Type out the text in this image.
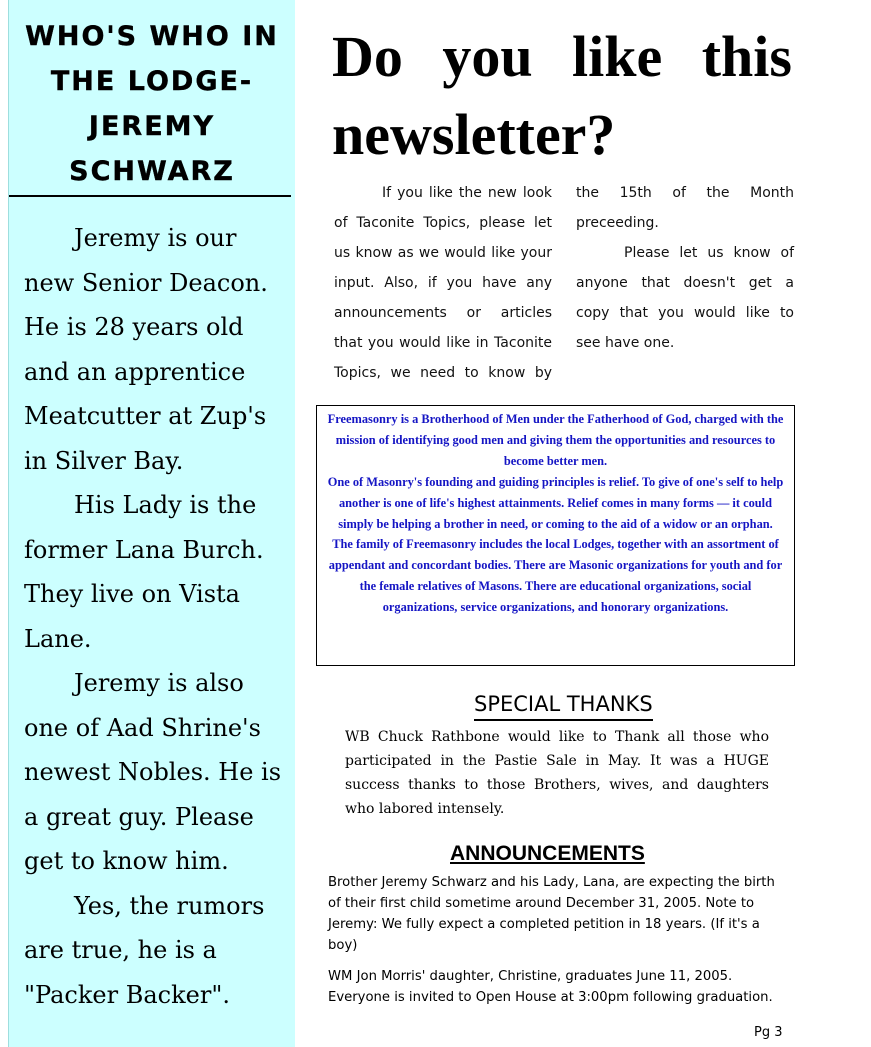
WHO'S WHO IN THE LODGE- JEREMY SCHWARZ

Jeremy is our new Senior Deacon. He is 28 years old and an apprentice Meatcutter at Zup's in Silver Bay.

His Lady is the former Lana Burch. They live on Vista Lane.

Jeremy is also one of Aad Shrine's newest Nobles. He is a great guy. Please get to know him.

Yes, the rumors are true, he is a "Packer Backer".

Do you like this newsletter?

If you like the new look of Taconite Topics, please let us know as we would like your input. Also, if you have any announcements or articles that you would like in Taconite Topics, we need to know by the 15th of the Month preceeding.

Please let us know of anyone that doesn't get a copy that you would like to see have one.

Freemasonry is a Brotherhood of Men under the Fatherhood of God, charged with the mission of identifying good men and giving them the opportunities and resources to become better men.

One of Masonry's founding and guiding principles is relief. To give of one's self to help another is one of life's highest attainments. Relief comes in many forms — it could simply be helping a brother in need, or coming to the aid of a widow or an orphan.

The family of Freemasonry includes the local Lodges, together with an assortment of appendant and concordant bodies. There are Masonic organizations for youth and for the female relatives of Masons. There are educational organizations, social organizations, service organizations, and honorary organizations.

SPECIAL THANKS

WB Chuck Rathbone would like to Thank all those who participated in the Pastie Sale in May. It was a HUGE success thanks to those Brothers, wives, and daughters who labored intensely.

ANNOUNCEMENTS

Brother Jeremy Schwarz and his Lady, Lana, are expecting the birth of their first child sometime around December 31, 2005. Note to Jeremy: We fully expect a completed petition in 18 years. (If it's a boy)

WM Jon Morris' daughter, Christine, graduates June 11, 2005. Everyone is invited to Open House at 3:00pm following graduation.

Pg 3
